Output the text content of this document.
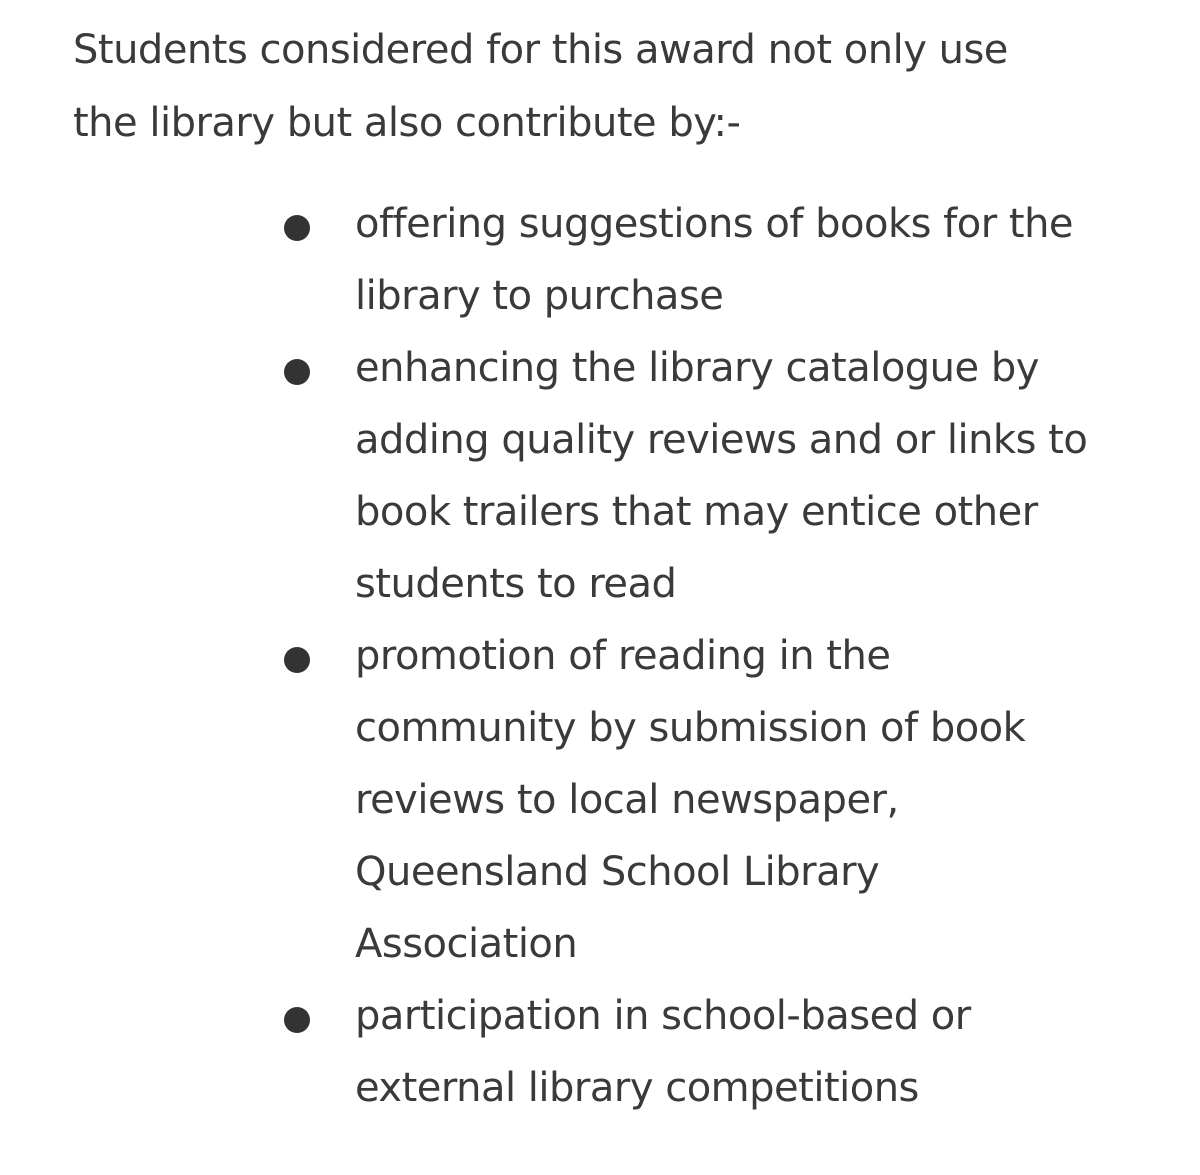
Students considered for this award not only use
the library but also contribute by:-

offering suggestions of books for the
library to purchase
enhancing the library catalogue by
adding quality reviews and or links to
book trailers that may entice other
students to read
promotion of reading in the
community by submission of book
reviews to local newspaper,
Queensland School Library
Association
participation in school-based or
external library competitions
